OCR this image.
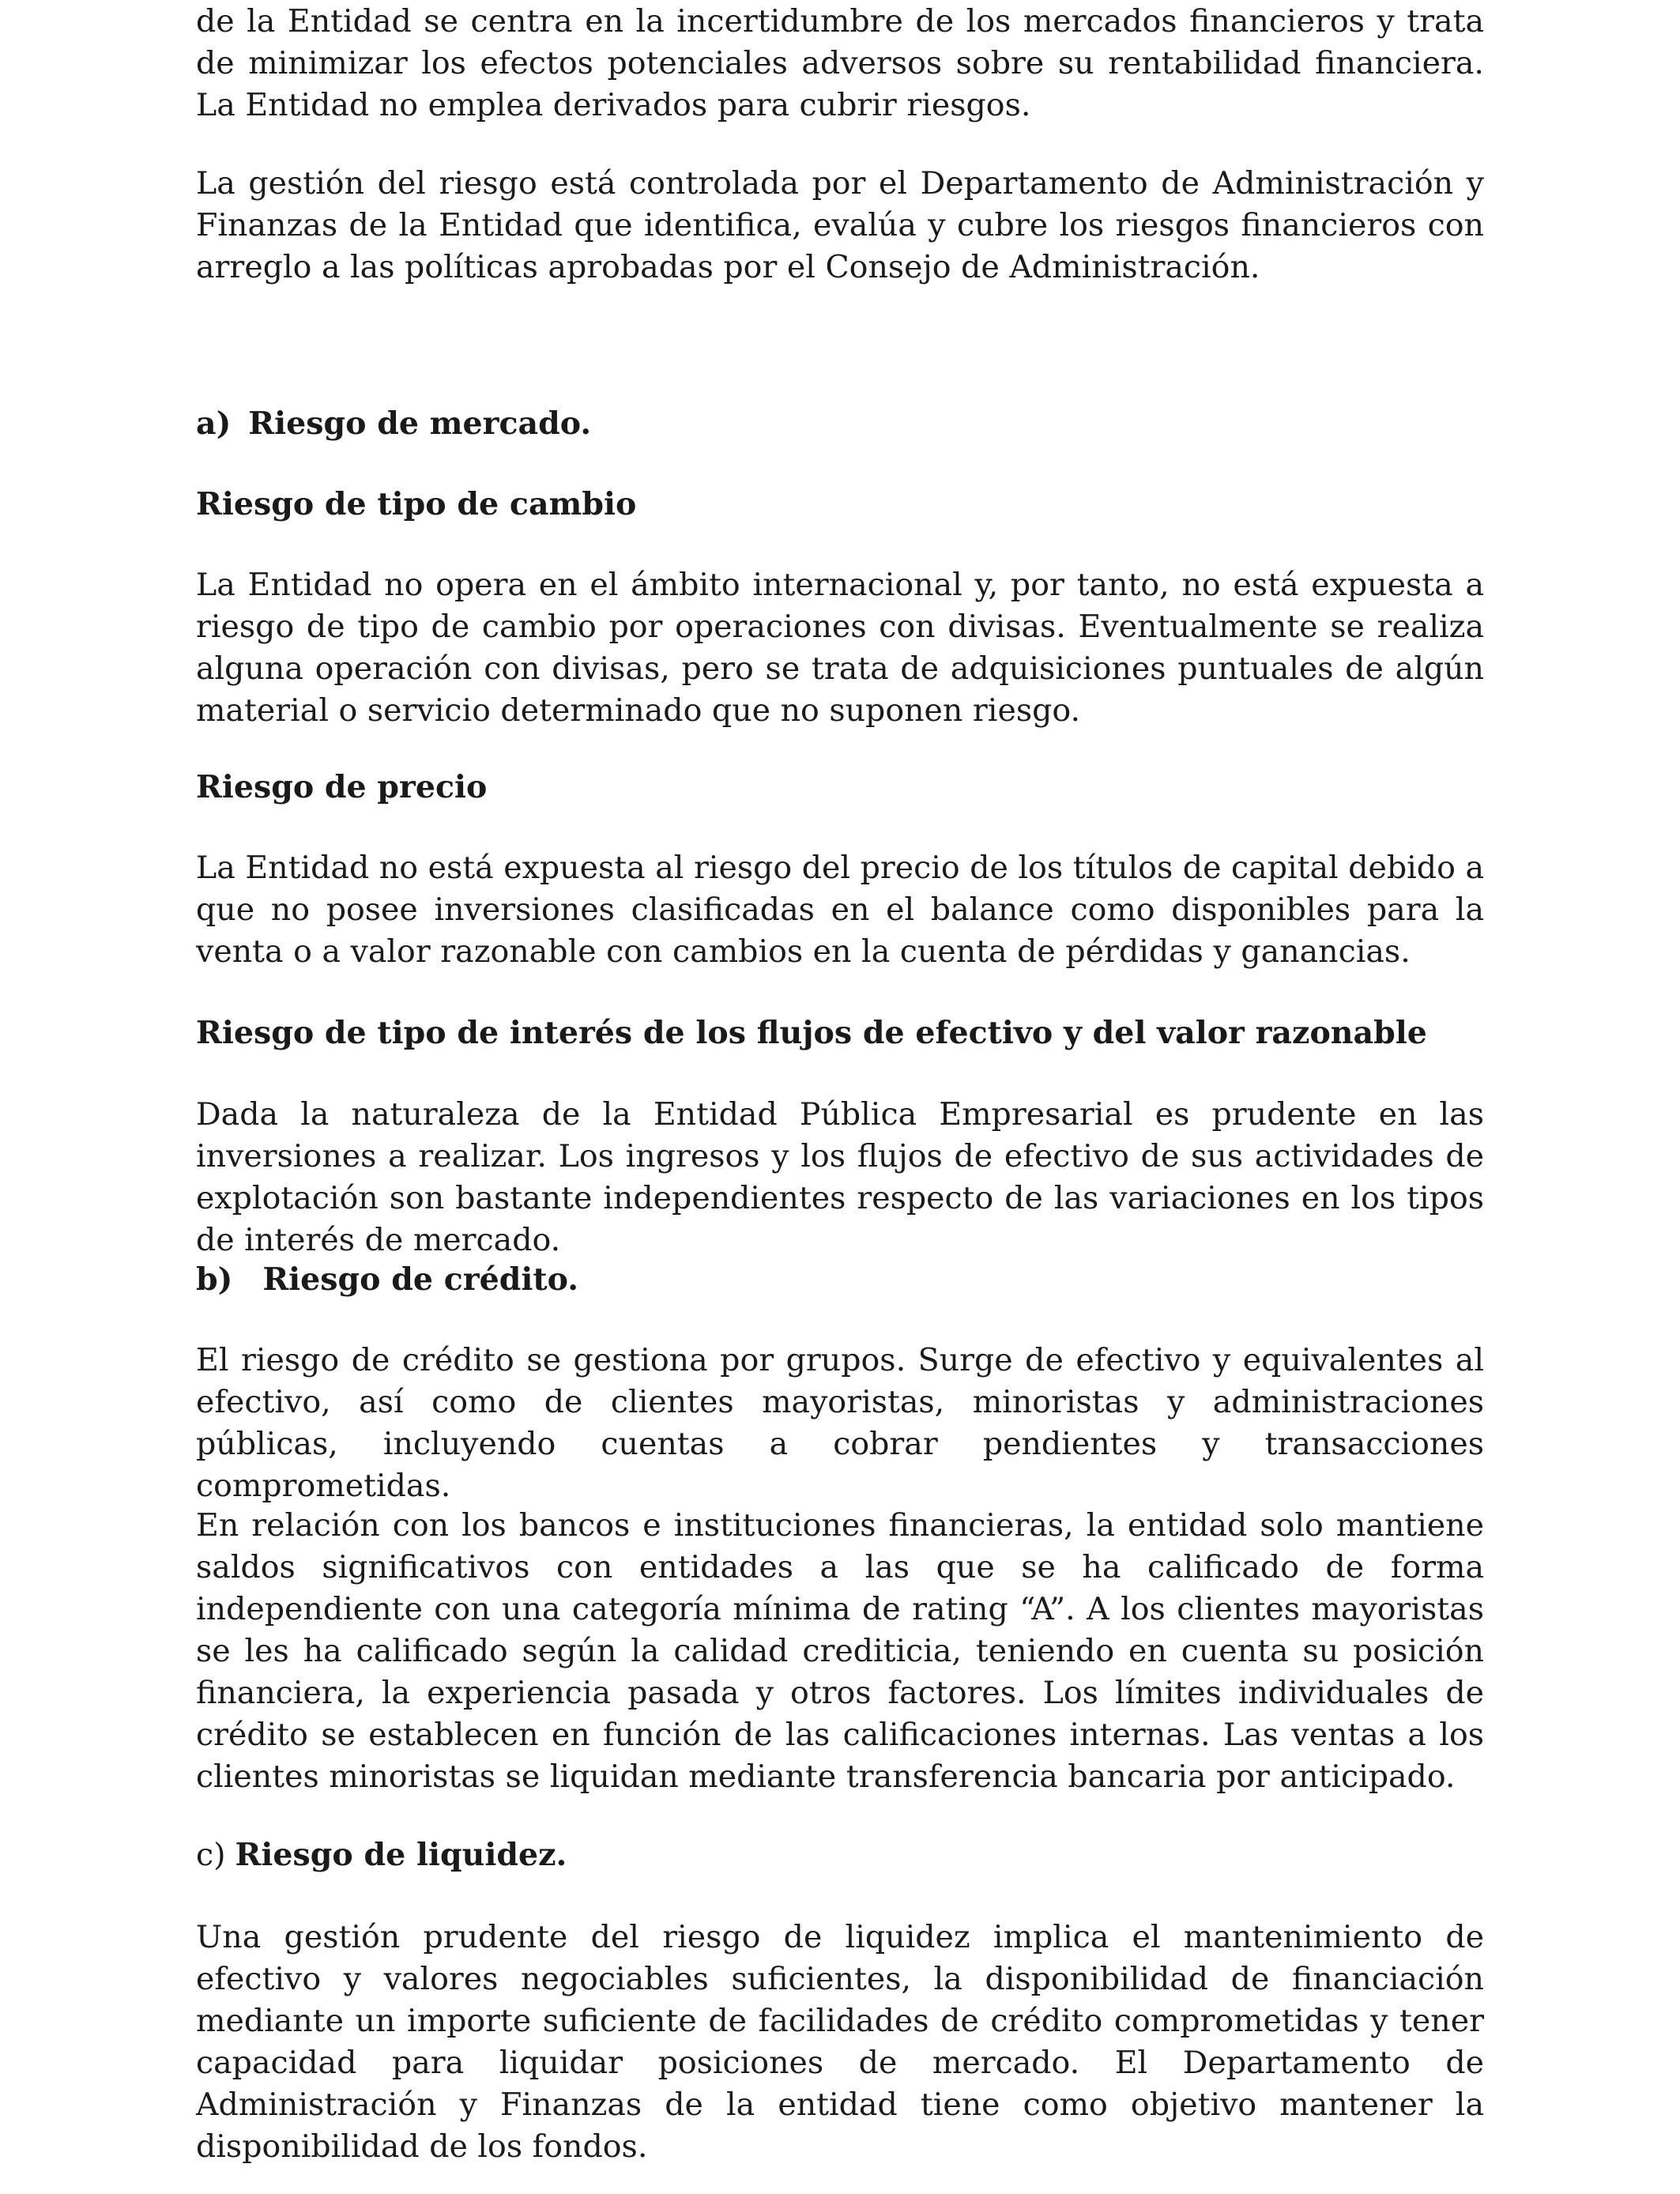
de la Entidad se centra en la incertidumbre de los mercados financieros y trata de minimizar los efectos potenciales adversos sobre su rentabilidad financiera. La Entidad no emplea derivados para cubrir riesgos.

La gestión del riesgo está controlada por el Departamento de Administración y Finanzas de la Entidad que identifica, evalúa y cubre los riesgos financieros con arreglo a las políticas aprobadas por el Consejo de Administración.

a) Riesgo de mercado.
Riesgo de tipo de cambio

La Entidad no opera en el ámbito internacional y, por tanto, no está expuesta a riesgo de tipo de cambio por operaciones con divisas. Eventualmente se realiza alguna operación con divisas, pero se trata de adquisiciones puntuales de algún material o servicio determinado que no suponen riesgo.

Riesgo de precio

La Entidad no está expuesta al riesgo del precio de los títulos de capital debido a que no posee inversiones clasificadas en el balance como disponibles para la venta o a valor razonable con cambios en la cuenta de pérdidas y ganancias.

Riesgo de tipo de interés de los flujos de efectivo y del valor razonable

Dada la naturaleza de la Entidad Pública Empresarial es prudente en las inversiones a realizar. Los ingresos y los flujos de efectivo de sus actividades de explotación son bastante independientes respecto de las variaciones en los tipos de interés de mercado.

b) Riesgo de crédito.

El riesgo de crédito se gestiona por grupos. Surge de efectivo y equivalentes al efectivo, así como de clientes mayoristas, minoristas y administraciones públicas, incluyendo cuentas a cobrar pendientes y transacciones comprometidas.

En relación con los bancos e instituciones financieras, la entidad solo mantiene saldos significativos con entidades a las que se ha calificado de forma independiente con una categoría mínima de rating “A”. A los clientes mayoristas se les ha calificado según la calidad crediticia, teniendo en cuenta su posición financiera, la experiencia pasada y otros factores. Los límites individuales de crédito se establecen en función de las calificaciones internas. Las ventas a los clientes minoristas se liquidan mediante transferencia bancaria por anticipado.

c) Riesgo de liquidez.

Una gestión prudente del riesgo de liquidez implica el mantenimiento de efectivo y valores negociables suficientes, la disponibilidad de financiación mediante un importe suficiente de facilidades de crédito comprometidas y tener capacidad para liquidar posiciones de mercado. El Departamento de Administración y Finanzas de la entidad tiene como objetivo mantener la disponibilidad de los fondos.
